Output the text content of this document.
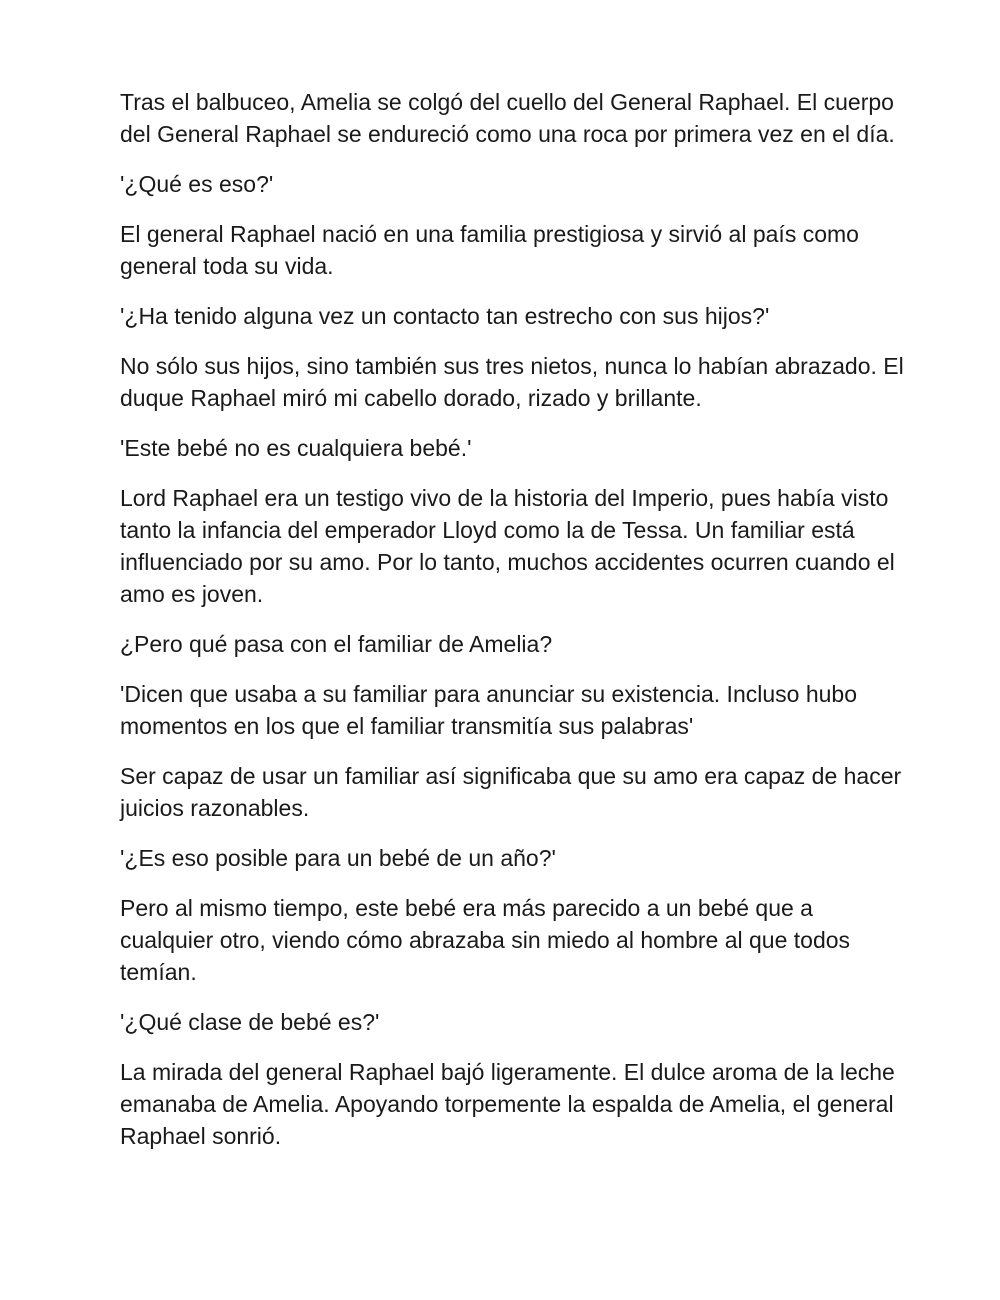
Tras el balbuceo, Amelia se colgó del cuello del General Raphael. El cuerpo del General Raphael se endureció como una roca por primera vez en el día.

'¿Qué es eso?'

El general Raphael nació en una familia prestigiosa y sirvió al país como general toda su vida.

'¿Ha tenido alguna vez un contacto tan estrecho con sus hijos?'

No sólo sus hijos, sino también sus tres nietos, nunca lo habían abrazado. El duque Raphael miró mi cabello dorado, rizado y brillante.

'Este bebé no es cualquiera bebé.'

Lord Raphael era un testigo vivo de la historia del Imperio, pues había visto tanto la infancia del emperador Lloyd como la de Tessa. Un familiar está influenciado por su amo. Por lo tanto, muchos accidentes ocurren cuando el amo es joven.

¿Pero qué pasa con el familiar de Amelia?

'Dicen que usaba a su familiar para anunciar su existencia. Incluso hubo momentos en los que el familiar transmitía sus palabras'

Ser capaz de usar un familiar así significaba que su amo era capaz de hacer juicios razonables.

'¿Es eso posible para un bebé de un año?'

Pero al mismo tiempo, este bebé era más parecido a un bebé que a cualquier otro, viendo cómo abrazaba sin miedo al hombre al que todos temían.

'¿Qué clase de bebé es?'

La mirada del general Raphael bajó ligeramente. El dulce aroma de la leche emanaba de Amelia. Apoyando torpemente la espalda de Amelia, el general Raphael sonrió.
